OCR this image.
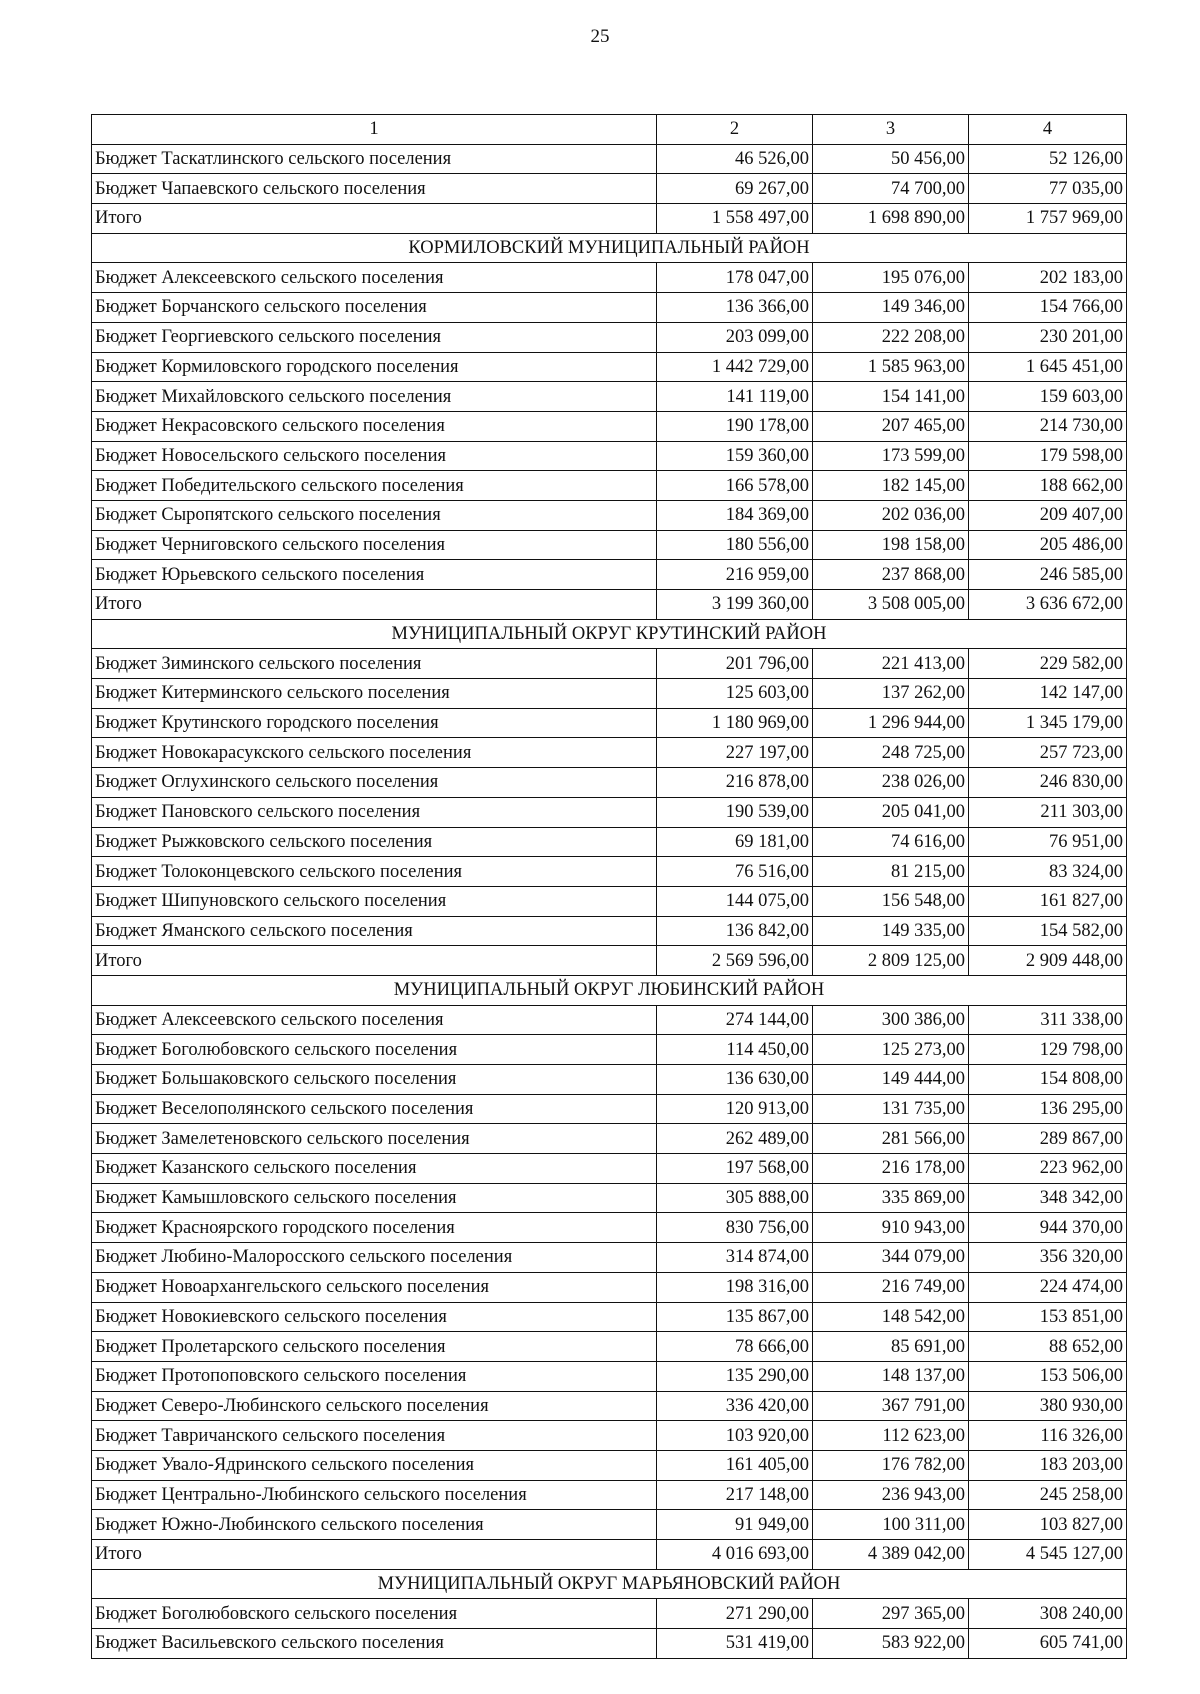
25
1	2	3	4
Бюджет Таскатлинского сельского поселения	46 526,00	50 456,00	52 126,00
Бюджет Чапаевского сельского поселения	69 267,00	74 700,00	77 035,00
Итого	1 558 497,00	1 698 890,00	1 757 969,00
КОРМИЛОВСКИЙ МУНИЦИПАЛЬНЫЙ РАЙОН			
Бюджет Алексеевского сельского поселения	178 047,00	195 076,00	202 183,00
Бюджет Борчанского сельского поселения	136 366,00	149 346,00	154 766,00
Бюджет Георгиевского сельского поселения	203 099,00	222 208,00	230 201,00
Бюджет Кормиловского городского поселения	1 442 729,00	1 585 963,00	1 645 451,00
Бюджет Михайловского сельского поселения	141 119,00	154 141,00	159 603,00
Бюджет Некрасовского сельского поселения	190 178,00	207 465,00	214 730,00
Бюджет Новосельского сельского поселения	159 360,00	173 599,00	179 598,00
Бюджет Победительского сельского поселения	166 578,00	182 145,00	188 662,00
Бюджет Сыропятского сельского поселения	184 369,00	202 036,00	209 407,00
Бюджет Черниговского сельского поселения	180 556,00	198 158,00	205 486,00
Бюджет Юрьевского сельского поселения	216 959,00	237 868,00	246 585,00
Итого	3 199 360,00	3 508 005,00	3 636 672,00
МУНИЦИПАЛЬНЫЙ ОКРУГ КРУТИНСКИЙ РАЙОН			
Бюджет Зиминского сельского поселения	201 796,00	221 413,00	229 582,00
Бюджет Китерминского сельского поселения	125 603,00	137 262,00	142 147,00
Бюджет Крутинского городского поселения	1 180 969,00	1 296 944,00	1 345 179,00
Бюджет Новокарасукского сельского поселения	227 197,00	248 725,00	257 723,00
Бюджет Оглухинского сельского поселения	216 878,00	238 026,00	246 830,00
Бюджет Пановского сельского поселения	190 539,00	205 041,00	211 303,00
Бюджет Рыжковского сельского поселения	69 181,00	74 616,00	76 951,00
Бюджет Толоконцевского сельского поселения	76 516,00	81 215,00	83 324,00
Бюджет Шипуновского сельского поселения	144 075,00	156 548,00	161 827,00
Бюджет Яманского сельского поселения	136 842,00	149 335,00	154 582,00
Итого	2 569 596,00	2 809 125,00	2 909 448,00
МУНИЦИПАЛЬНЫЙ ОКРУГ ЛЮБИНСКИЙ РАЙОН			
Бюджет Алексеевского сельского поселения	274 144,00	300 386,00	311 338,00
Бюджет Боголюбовского сельского поселения	114 450,00	125 273,00	129 798,00
Бюджет Большаковского сельского поселения	136 630,00	149 444,00	154 808,00
Бюджет Веселополянского сельского поселения	120 913,00	131 735,00	136 295,00
Бюджет Замелетеновского сельского поселения	262 489,00	281 566,00	289 867,00
Бюджет Казанского сельского поселения	197 568,00	216 178,00	223 962,00
Бюджет Камышловского сельского поселения	305 888,00	335 869,00	348 342,00
Бюджет Красноярского городского поселения	830 756,00	910 943,00	944 370,00
Бюджет Любино-Малоросского сельского поселения	314 874,00	344 079,00	356 320,00
Бюджет Новоархангельского сельского поселения	198 316,00	216 749,00	224 474,00
Бюджет Новокиевского сельского поселения	135 867,00	148 542,00	153 851,00
Бюджет Пролетарского сельского поселения	78 666,00	85 691,00	88 652,00
Бюджет Протопоповского сельского поселения	135 290,00	148 137,00	153 506,00
Бюджет Северо-Любинского сельского поселения	336 420,00	367 791,00	380 930,00
Бюджет Тавричанского сельского поселения	103 920,00	112 623,00	116 326,00
Бюджет Увало-Ядринского сельского поселения	161 405,00	176 782,00	183 203,00
Бюджет Центрально-Любинского сельского поселения	217 148,00	236 943,00	245 258,00
Бюджет Южно-Любинского сельского поселения	91 949,00	100 311,00	103 827,00
Итого	4 016 693,00	4 389 042,00	4 545 127,00
МУНИЦИПАЛЬНЫЙ ОКРУГ МАРЬЯНОВСКИЙ РАЙОН			
Бюджет Боголюбовского сельского поселения	271 290,00	297 365,00	308 240,00
Бюджет Васильевского сельского поселения	531 419,00	583 922,00	605 741,00
